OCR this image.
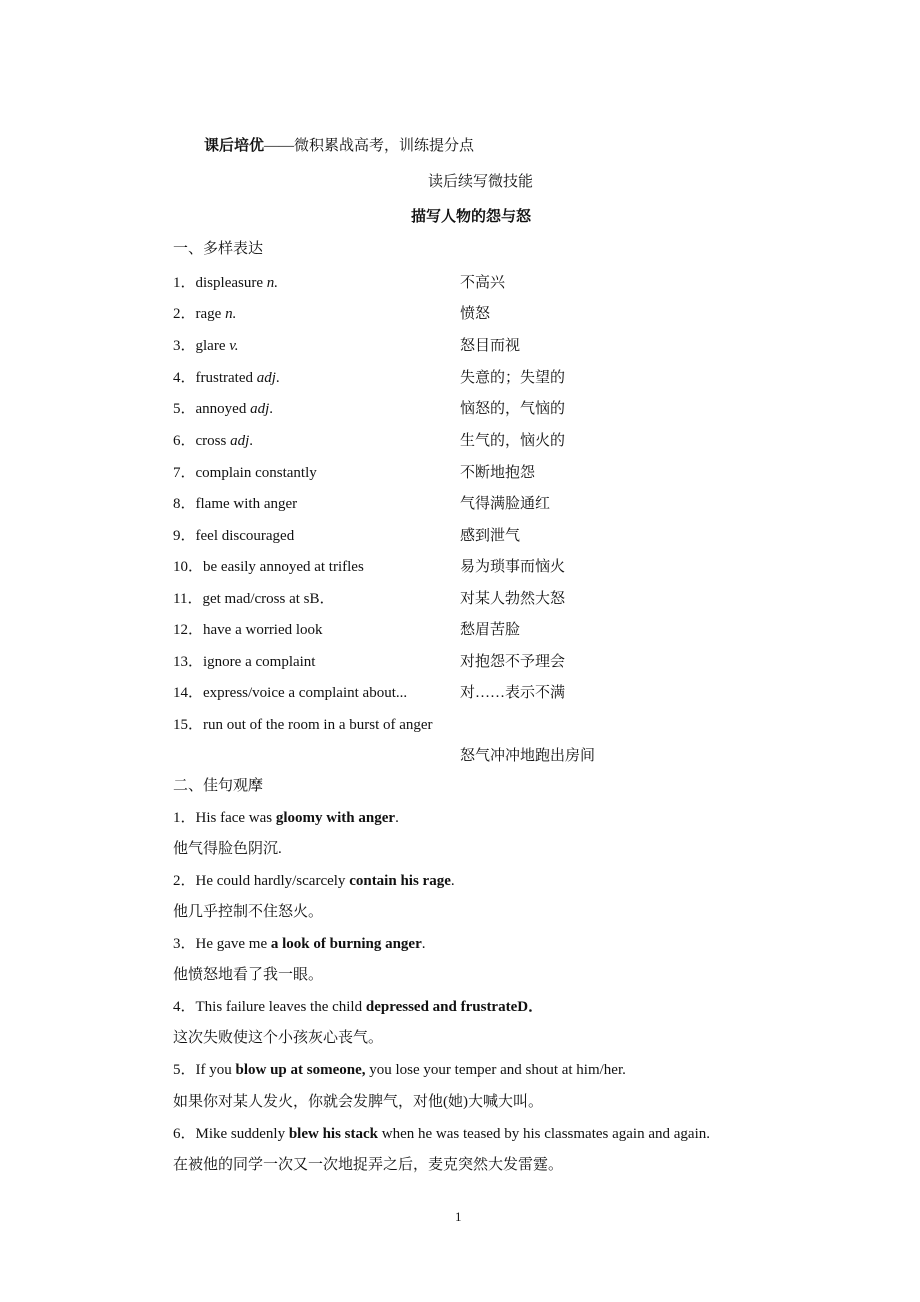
课后培优——微积累战高考，训练提分点
读后续写微技能
描写人物的怨与怒
一、多样表达
1．displeasure n.	不高兴
2．rage n.	愤怒
3．glare v.	怒目而视
4．frustrated adj.	失意的；失望的
5．annoyed adj.	恼怒的，气恼的
6．cross adj.	生气的，恼火的
7．complain constantly	不断地抱怨
8．flame with anger	气得满脸通红
9．feel discouraged	感到泄气
10．be easily annoyed at trifles	易为琐事而恼火
11．get mad/cross at sB．	对某人勃然大怒
12．have a worried look	愁眉苦脸
13．ignore a complaint	对抱怨不予理会
14．express/voice a complaint about...	对……表示不满
15．run out of the room in a burst of anger
怒气冲冲地跑出房间
二、佳句观摩
1．His face was gloomy with anger.
他气得脸色阴沉.
2．He could hardly/scarcely contain his rage.
他几乎控制不住怒火。
3．He gave me a look of burning anger.
他愤怒地看了我一眼。
4．This failure leaves the child depressed and frustrateD．
这次失败使这个小孩灰心丧气。
5．If you blow up at someone, you lose your temper and shout at him/her.
如果你对某人发火，你就会发脾气，对他(她)大喊大叫。
6．Mike suddenly blew his stack when he was teased by his classmates again and again.
在被他的同学一次又一次地捉弄之后，麦克突然大发雷霆。
1
